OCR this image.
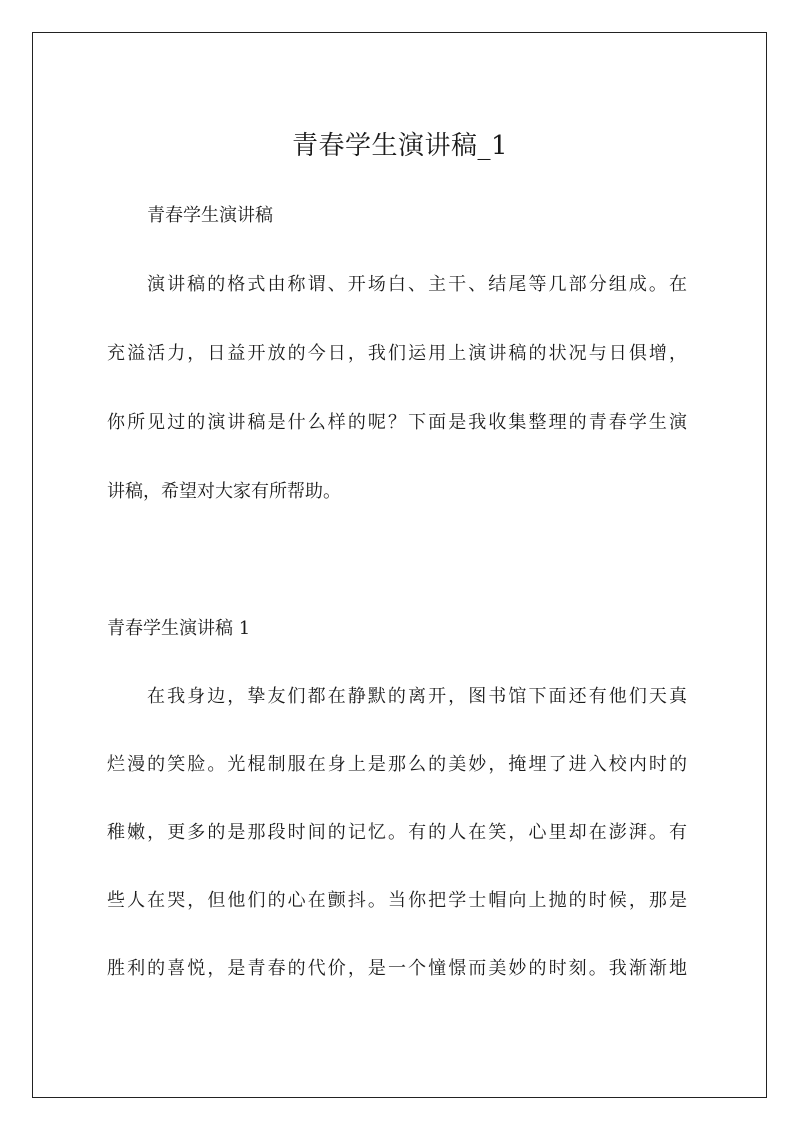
青春学生演讲稿_1
青春学生演讲稿
演讲稿的格式由称谓、开场白、主干、结尾等几部分组成。在
充溢活力，日益开放的今日，我们运用上演讲稿的状况与日俱增，
你所见过的演讲稿是什么样的呢？下面是我收集整理的青春学生演
讲稿，希望对大家有所帮助。
青春学生演讲稿 1
在我身边，挚友们都在静默的离开，图书馆下面还有他们天真
烂漫的笑脸。光棍制服在身上是那么的美妙，掩埋了进入校内时的
稚嫩，更多的是那段时间的记忆。有的人在笑，心里却在澎湃。有
些人在哭，但他们的心在颤抖。当你把学士帽向上抛的时候，那是
胜利的喜悦，是青春的代价，是一个憧憬而美妙的时刻。我渐渐地
